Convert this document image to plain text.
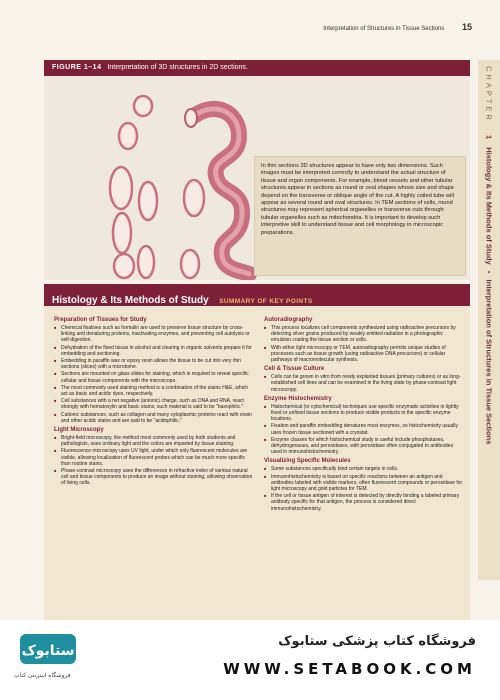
Interpretation of Structures in Tissue Sections 15
CHAPTER 1 Histology & Its Methods of Study • Interpretation of Structures in Tissue Sections
FIGURE 1–14 Interpretation of 3D structures in 2D sections.
In thin sections 3D structures appear to have only two dimensions. Such images must be interpreted correctly to understand the actual structure of tissue and organ components. For example, blood vessels and other tubular structures appear in sections as round or oval shapes whose size and shape depend on the transverse or oblique angle of the cut. A highly coiled tube will appear as several round and oval structures. In TEM sections of cells, round structures may represent spherical organelles or transverse cuts through tubular organelles such as mitochondria. It is important to develop such interpretive skill to understand tissue and cell morphology in microscopic preparations.
Histology & Its Methods of Study SUMMARY OF KEY POINTS
Preparation of Tissues for Study
■ Chemical fixatives such as formalin are used to preserve tissue structure by cross-linking and denaturing proteins, inactivating enzymes, and preventing cell autolysis or self-digestion.
■ Dehydration of the fixed tissue in alcohol and clearing in organic solvents prepare it for embedding and sectioning.
■ Embedding in paraffin wax or epoxy resin allows the tissue to be cut into very thin sections (slices) with a microtome.
■ Sections are mounted on glass slides for staining, which is required to reveal specific cellular and tissue components with the microscope.
■ The most commonly used staining method is a combination of the stains H&E, which act as basic and acidic dyes, respectively.
■ Cell substances with a net negative (anionic) charge, such as DNA and RNA, react strongly with hematoxylin and basic stains; such material is said to be "basophilic."
■ Cationic substances, such as collagen and many cytoplasmic proteins react with eosin and other acidic stains and are said to be "acidophilic."
Light Microscopy
■ Bright-field microscopy, the method most commonly used by both students and pathologists, uses ordinary light and the colors are imparted by tissue staining.
■ Fluorescence microscopy uses UV light, under which only fluorescent molecules are visible, allowing localization of fluorescent probes which can be much more specific than routine stains.
■ Phase-contrast microscopy uses the differences in refractive index of various natural cell and tissue components to produce an image without staining, allowing observation of living cells.
Autoradiography
■ This process localizes cell components synthesized using radioactive precursors by detecting silver grains produced by weakly emitted radiation in a photographic emulsion coating the tissue section or cells.
■ With either light microscopy or TEM, autoradiography permits unique studies of processes such as tissue growth (using radioactive DNA precursors) or cellular pathways of macromolecular synthesis.
Cell & Tissue Culture
■ Cells can be grown in vitro from newly explanted tissues (primary cultures) or as long-established cell lines and can be examined in the living state by phase-contrast light microscopy.
Enzyme Histochemistry
■ Histochemical (or cytochemical) techniques use specific enzymatic activities in lightly fixed or unfixed tissue sections to produce visible products in the specific enzyme locations.
■ Fixation and paraffin embedding denatures most enzymes, so histochemistry usually uses frozen tissue sectioned with a cryostat.
■ Enzyme classes for which histochemical study is useful include phosphatases, dehydrogenases, and peroxidases, with peroxidase often conjugated to antibodies used in immunohistochemistry.
Visualizing Specific Molecules
■ Some substances specifically bind certain targets in cells.
■ Immunohistochemistry is based on specific reactions between an antigen and antibodies labeled with visible markers, often fluorescent compounds or peroxidase for light microscopy and gold particles for TEM.
■ If the cell or tissue antigen of interest is detected by directly binding a labeled primary antibody specific for that antigen, the process is considered direct immunohistochemistry.
ستابوک
فروشگاه اینترنتی کتاب
فروشگاه کتاب پزشکی ستابوک
WWW.SETABOOK.COM
